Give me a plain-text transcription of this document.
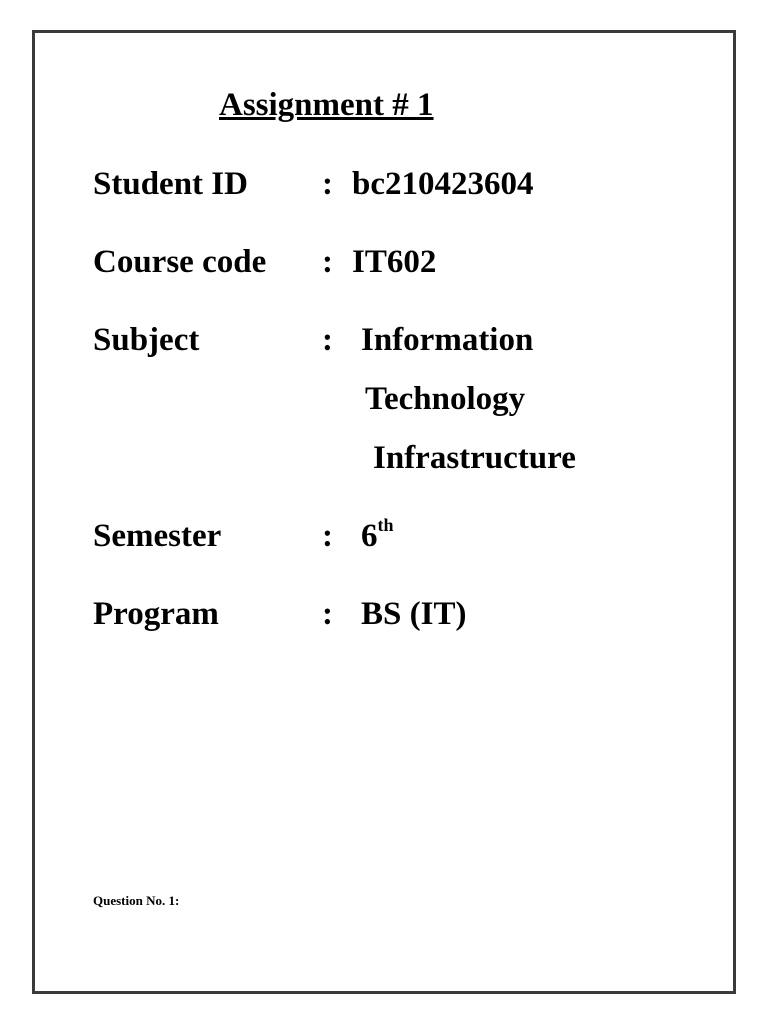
Assignment # 1
Student ID : bc210423604
Course code : IT602
Subject	: Information
Technology
Infrastructure
Semester	: 6th
Program	: BS (IT)
Question No. 1:
